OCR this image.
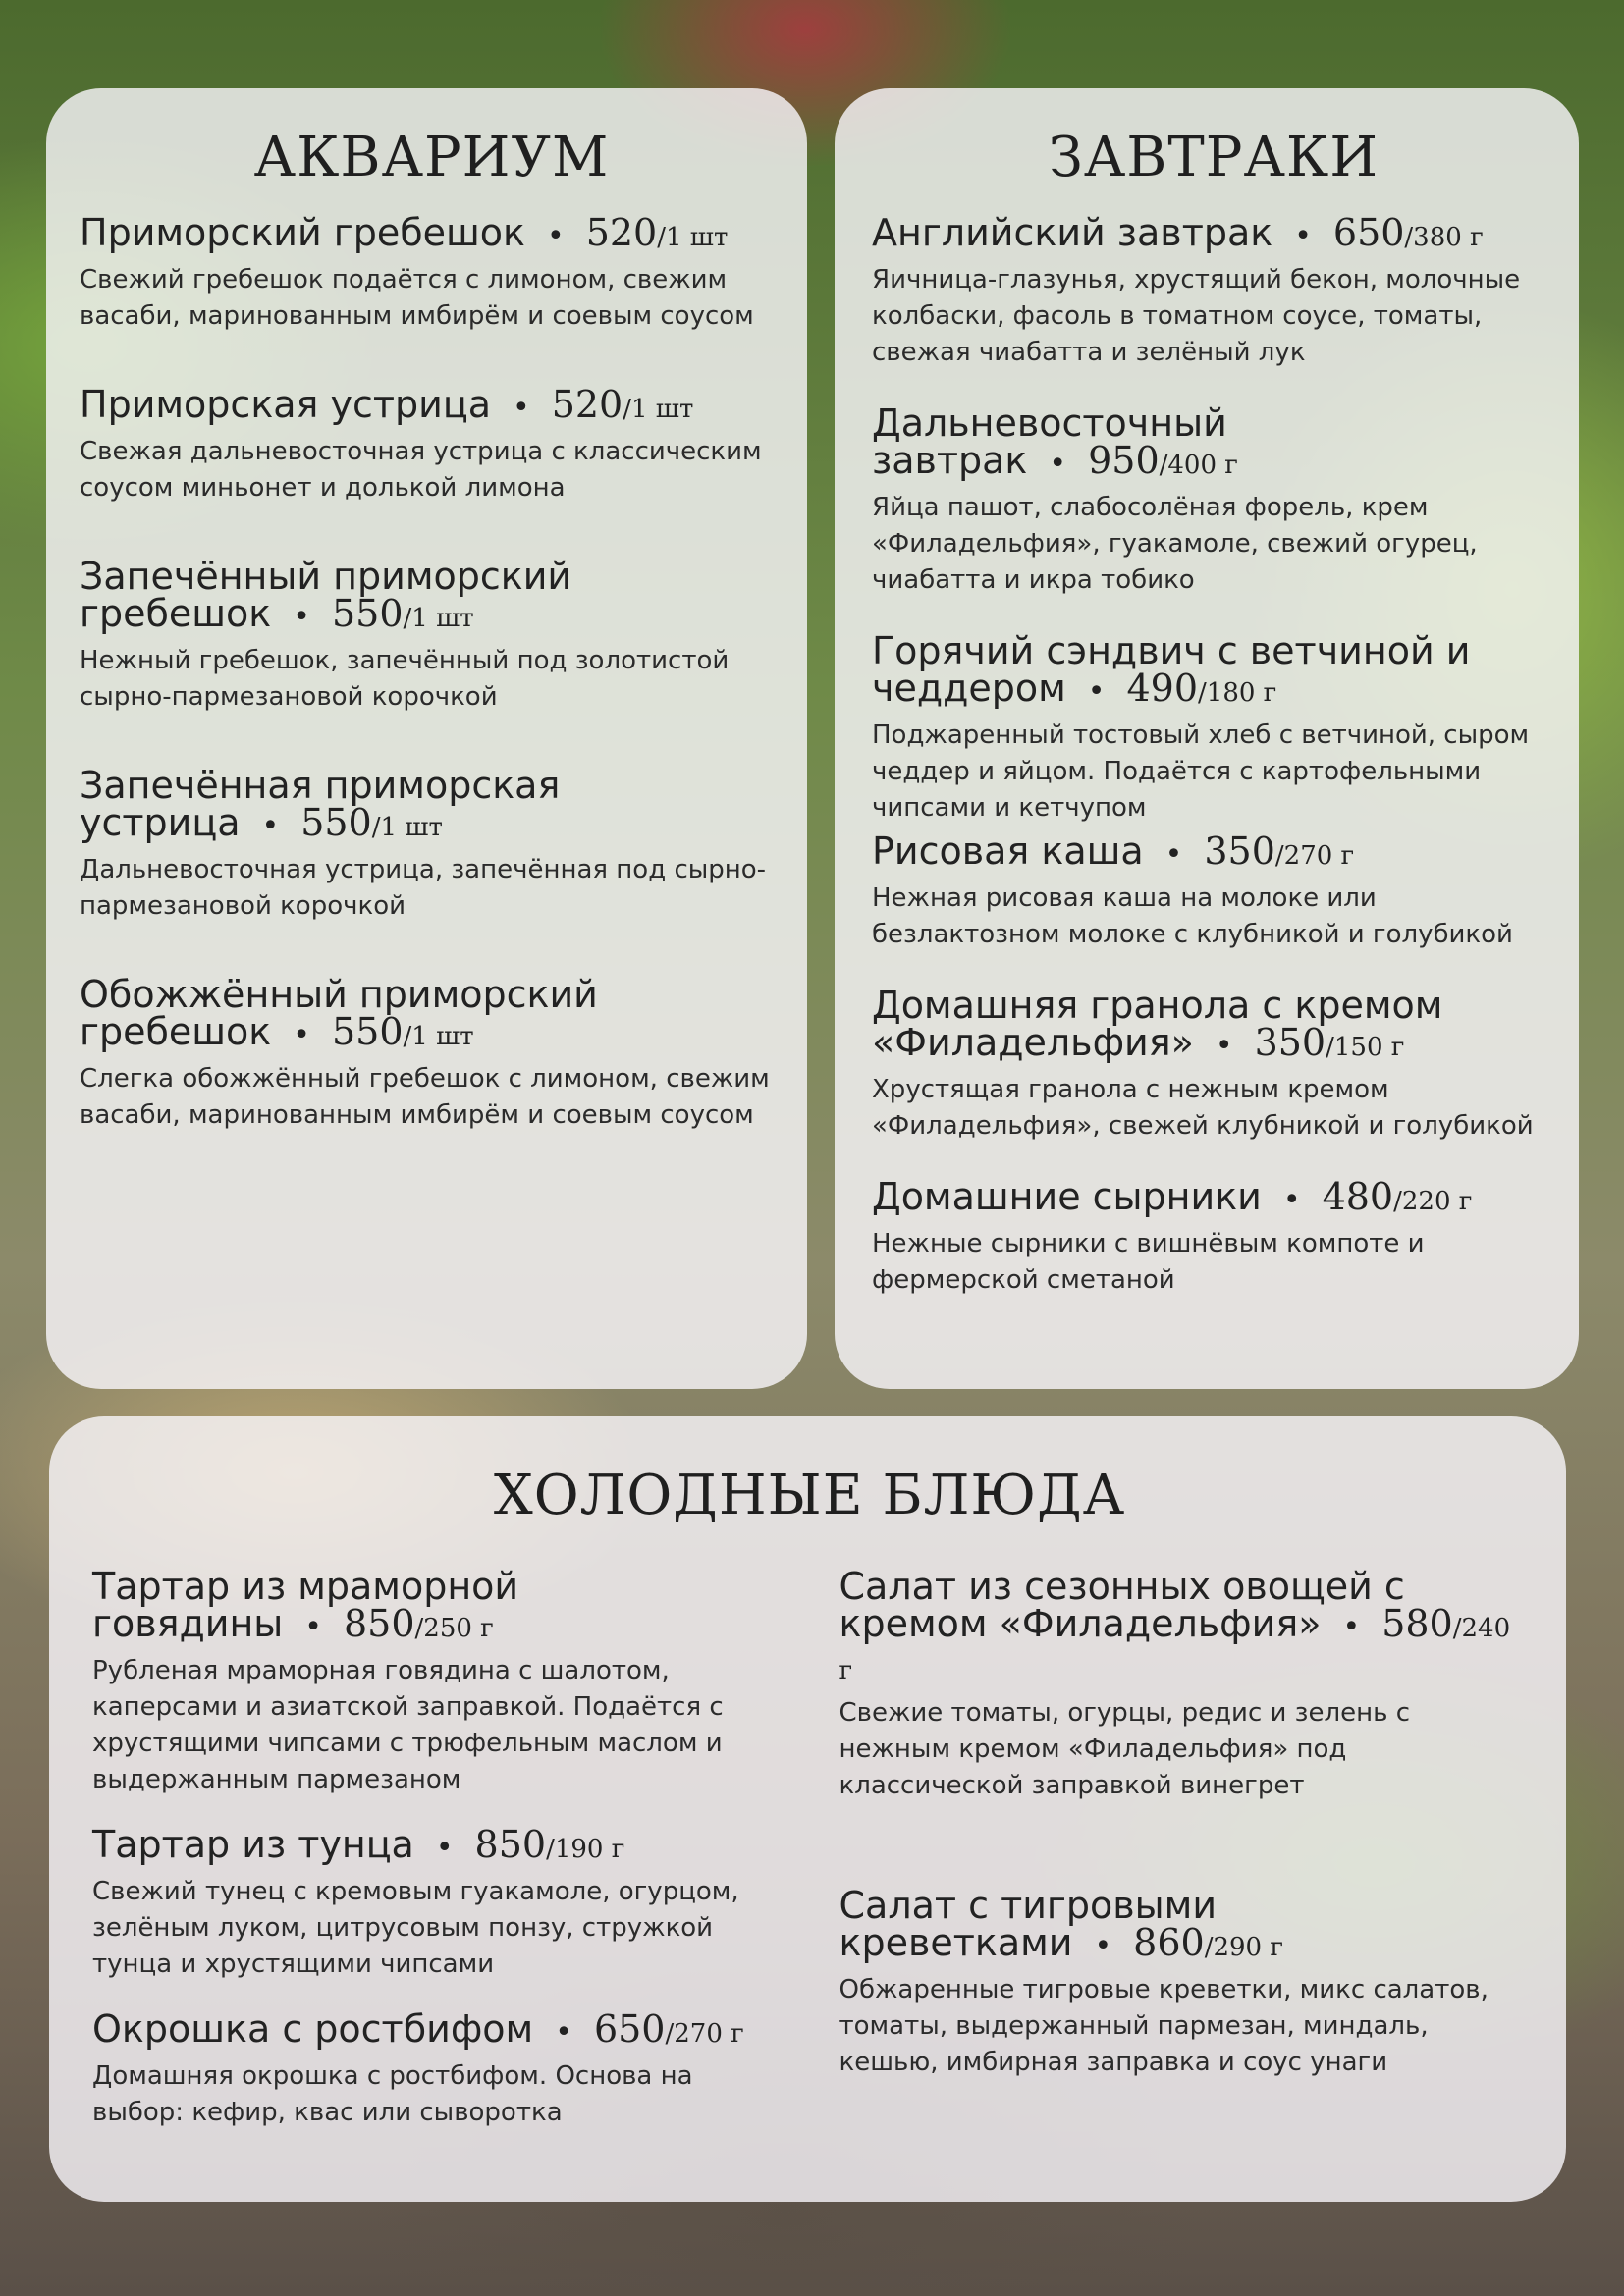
АКВАРИУМ

Приморский гребешок • 520/1 шт

Свежий гребешок подаётся с лимоном, свежим васаби, маринованным имбирём и соевым соусом

Приморская устрица • 520/1 шт

Свежая дальневосточная устрица с классическим соусом миньонет и долькой лимона

Запечённый приморский гребешок • 550/1 шт

Нежный гребешок, запечённый под золотистой сырно-пармезановой корочкой

Запечённая приморская устрица • 550/1 шт

Дальневосточная устрица, запечённая под сырно-пармезановой корочкой

Обожжённый приморский гребешок • 550/1 шт

Слегка обожжённый гребешок с лимоном, свежим васаби, маринованным имбирём и соевым соусом

ЗАВТРАКИ

Английский завтрак • 650/380 г

Яичница-глазунья, хрустящий бекон, молочные колбаски, фасоль в томатном соусе, томаты, свежая чиабатта и зелёный лук

Дальневосточный завтрак • 950/400 г

Яйца пашот, слабосолёная форель, крем «Филадельфия», гуакамоле, свежий огурец, чиабатта и икра тобико

Горячий сэндвич с ветчиной и чеддером • 490/180 г

Поджаренный тостовый хлеб с ветчиной, сыром чеддер и яйцом. Подаётся с картофельными чипсами и кетчупом

Рисовая каша • 350/270 г

Нежная рисовая каша на молоке или безлактозном молоке с клубникой и голубикой

Домашняя гранола с кремом «Филадельфия» • 350/150 г

Хрустящая гранола с нежным кремом «Филадельфия», свежей клубникой и голубикой

Домашние сырники • 480/220 г

Нежные сырники с вишнёвым компоте и фермерской сметаной

ХОЛОДНЫЕ БЛЮДА

Тартар из мраморной говядины • 850/250 г

Рубленая мраморная говядина с шалотом, каперсами и азиатской заправкой. Подаётся с хрустящими чипсами с трюфельным маслом и выдержанным пармезаном

Тартар из тунца • 850/190 г

Свежий тунец с кремовым гуакамоле, огурцом, зелёным луком, цитрусовым понзу, стружкой тунца и хрустящими чипсами

Окрошка с ростбифом • 650/270 г

Домашняя окрошка с ростбифом. Основа на выбор: кефир, квас или сыворотка

Салат из сезонных овощей с кремом «Филадельфия» • 580/240 г

Свежие томаты, огурцы, редис и зелень с нежным кремом «Филадельфия» под классической заправкой винегрет

Салат с тигровыми креветками • 860/290 г

Обжаренные тигровые креветки, микс салатов, томаты, выдержанный пармезан, миндаль, кешью, имбирная заправка и соус унаги
